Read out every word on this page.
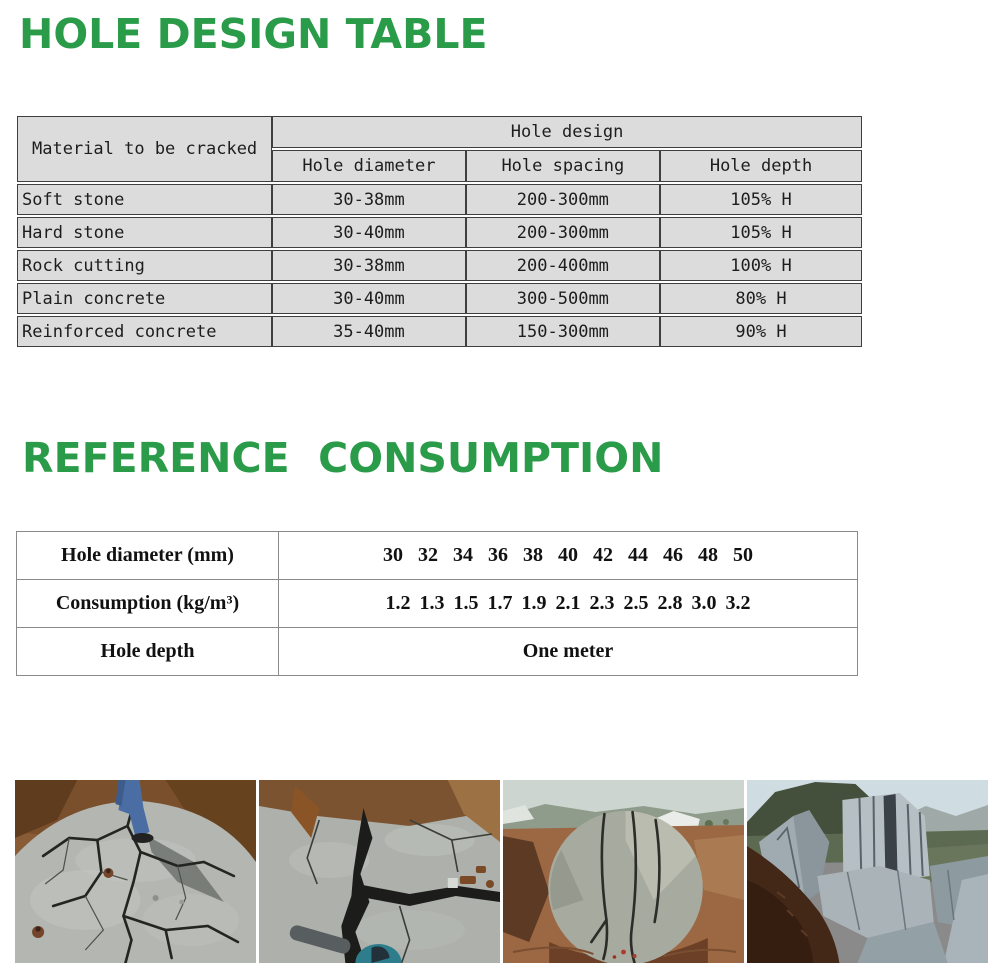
HOLE DESIGN TABLE
Material to be cracked	Hole design		
	Hole diameter	Hole spacing	Hole depth
Soft stone	30-38mm	200-300mm	105% H
Hard stone	30-40mm	200-300mm	105% H
Rock cutting	30-38mm	200-400mm	100% H
Plain concrete	30-40mm	300-500mm	80% H
Reinforced concrete	35-40mm	150-300mm	90% H
REFERENCE  CONSUMPTION
Hole diameter (mm)	30 32 34 36 38 40 42 44 46 48 50
Consumption (kg/m³)	1.2 1.3 1.5 1.7 1.9 2.1 2.3 2.5 2.8 3.0 3.2
Hole depth	One meter
